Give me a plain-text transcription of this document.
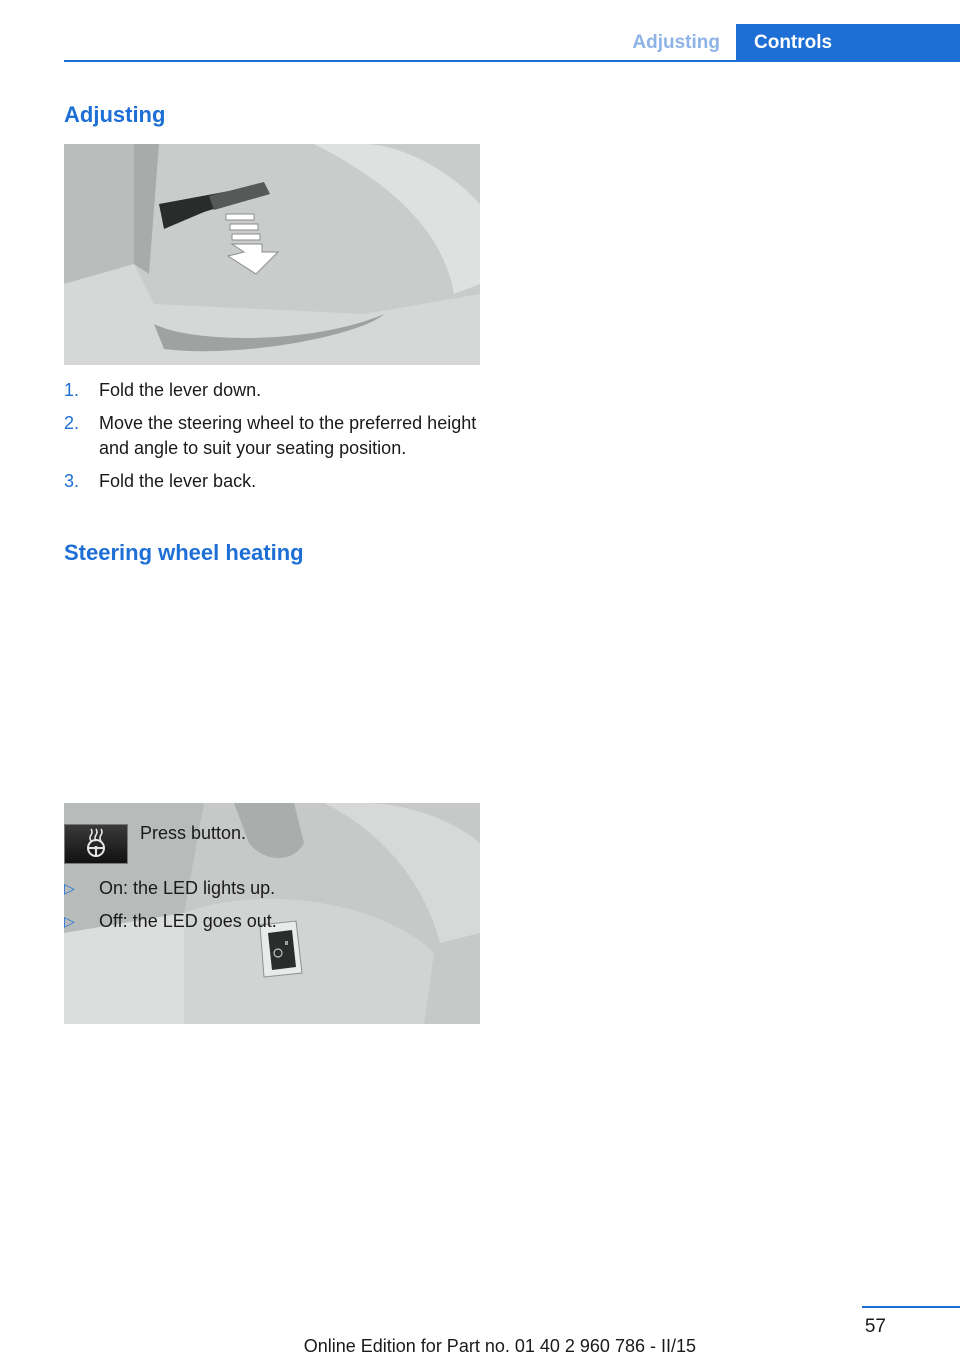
Adjusting	Controls
Adjusting
1. Fold the lever down.
2. Move the steering wheel to the preferred height and angle to suit your seating position.
3. Fold the lever back.
Steering wheel heating
Press button.
▷ On: the LED lights up.
▷ Off: the LED goes out.
57
Online Edition for Part no. 01 40 2 960 786 - II/15
